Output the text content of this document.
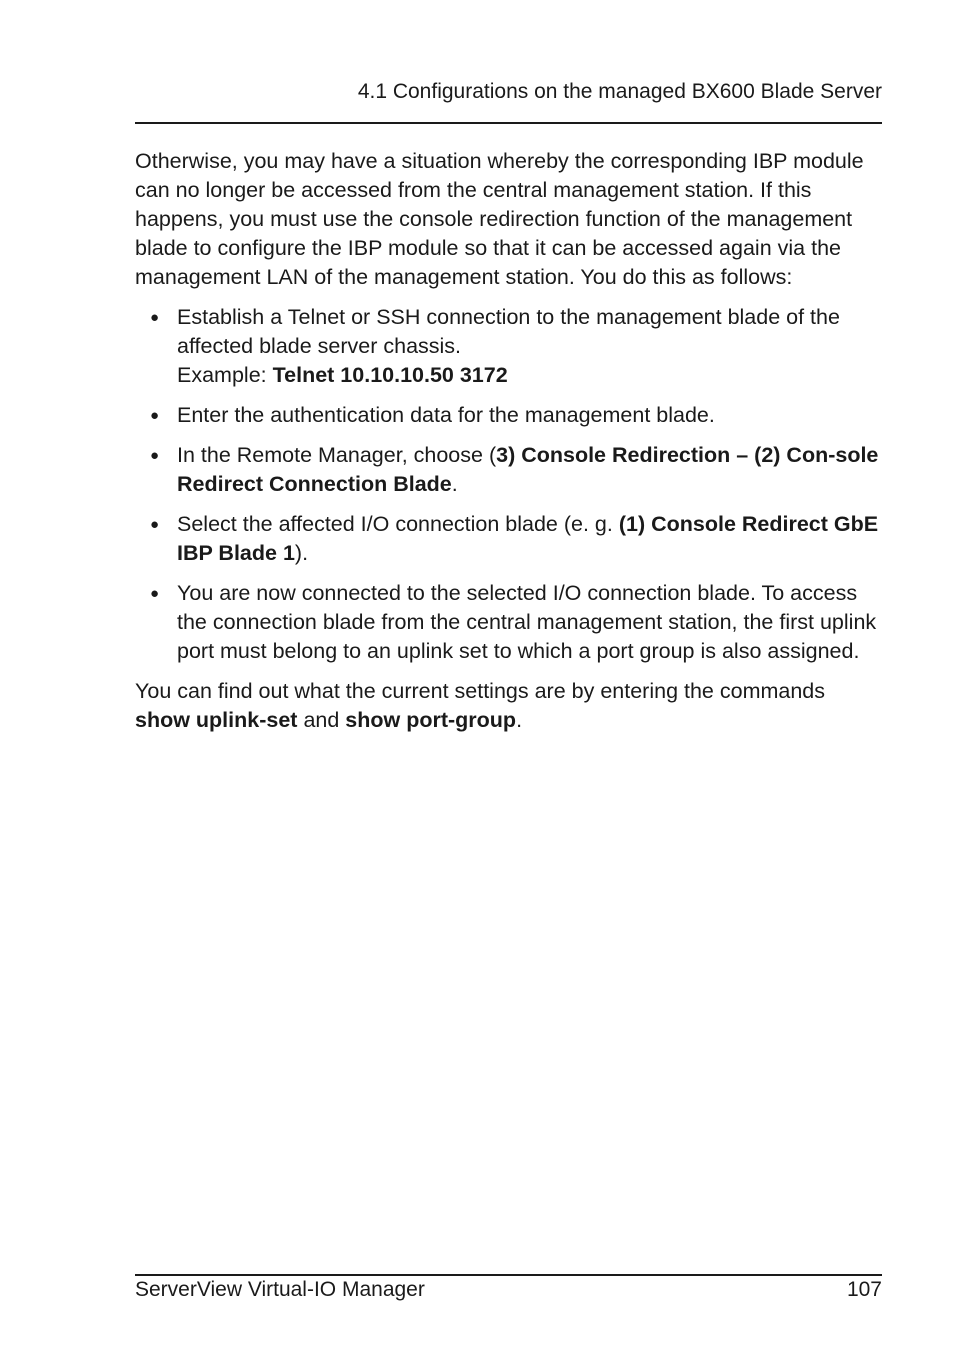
4.1 Configurations on the managed BX600 Blade Server

Otherwise, you may have a situation whereby the corresponding IBP module can no longer be accessed from the central management station. If this happens, you must use the console redirection function of the management blade to configure the IBP module so that it can be accessed again via the management LAN of the management station. You do this as follows:

● Establish a Telnet or SSH connection to the management blade of the affected blade server chassis.
Example: Telnet 10.10.10.50 3172
● Enter the authentication data for the management blade.
● In the Remote Manager, choose (3) Console Redirection – (2) Con-sole Redirect Connection Blade.
● Select the affected I/O connection blade (e. g. (1) Console Redirect GbE IBP Blade 1).
● You are now connected to the selected I/O connection blade. To access the connection blade from the central management station, the first uplink port must belong to an uplink set to which a port group is also assigned.

You can find out what the current settings are by entering the commands show uplink-set and show port-group.

ServerView Virtual-IO Manager	107
